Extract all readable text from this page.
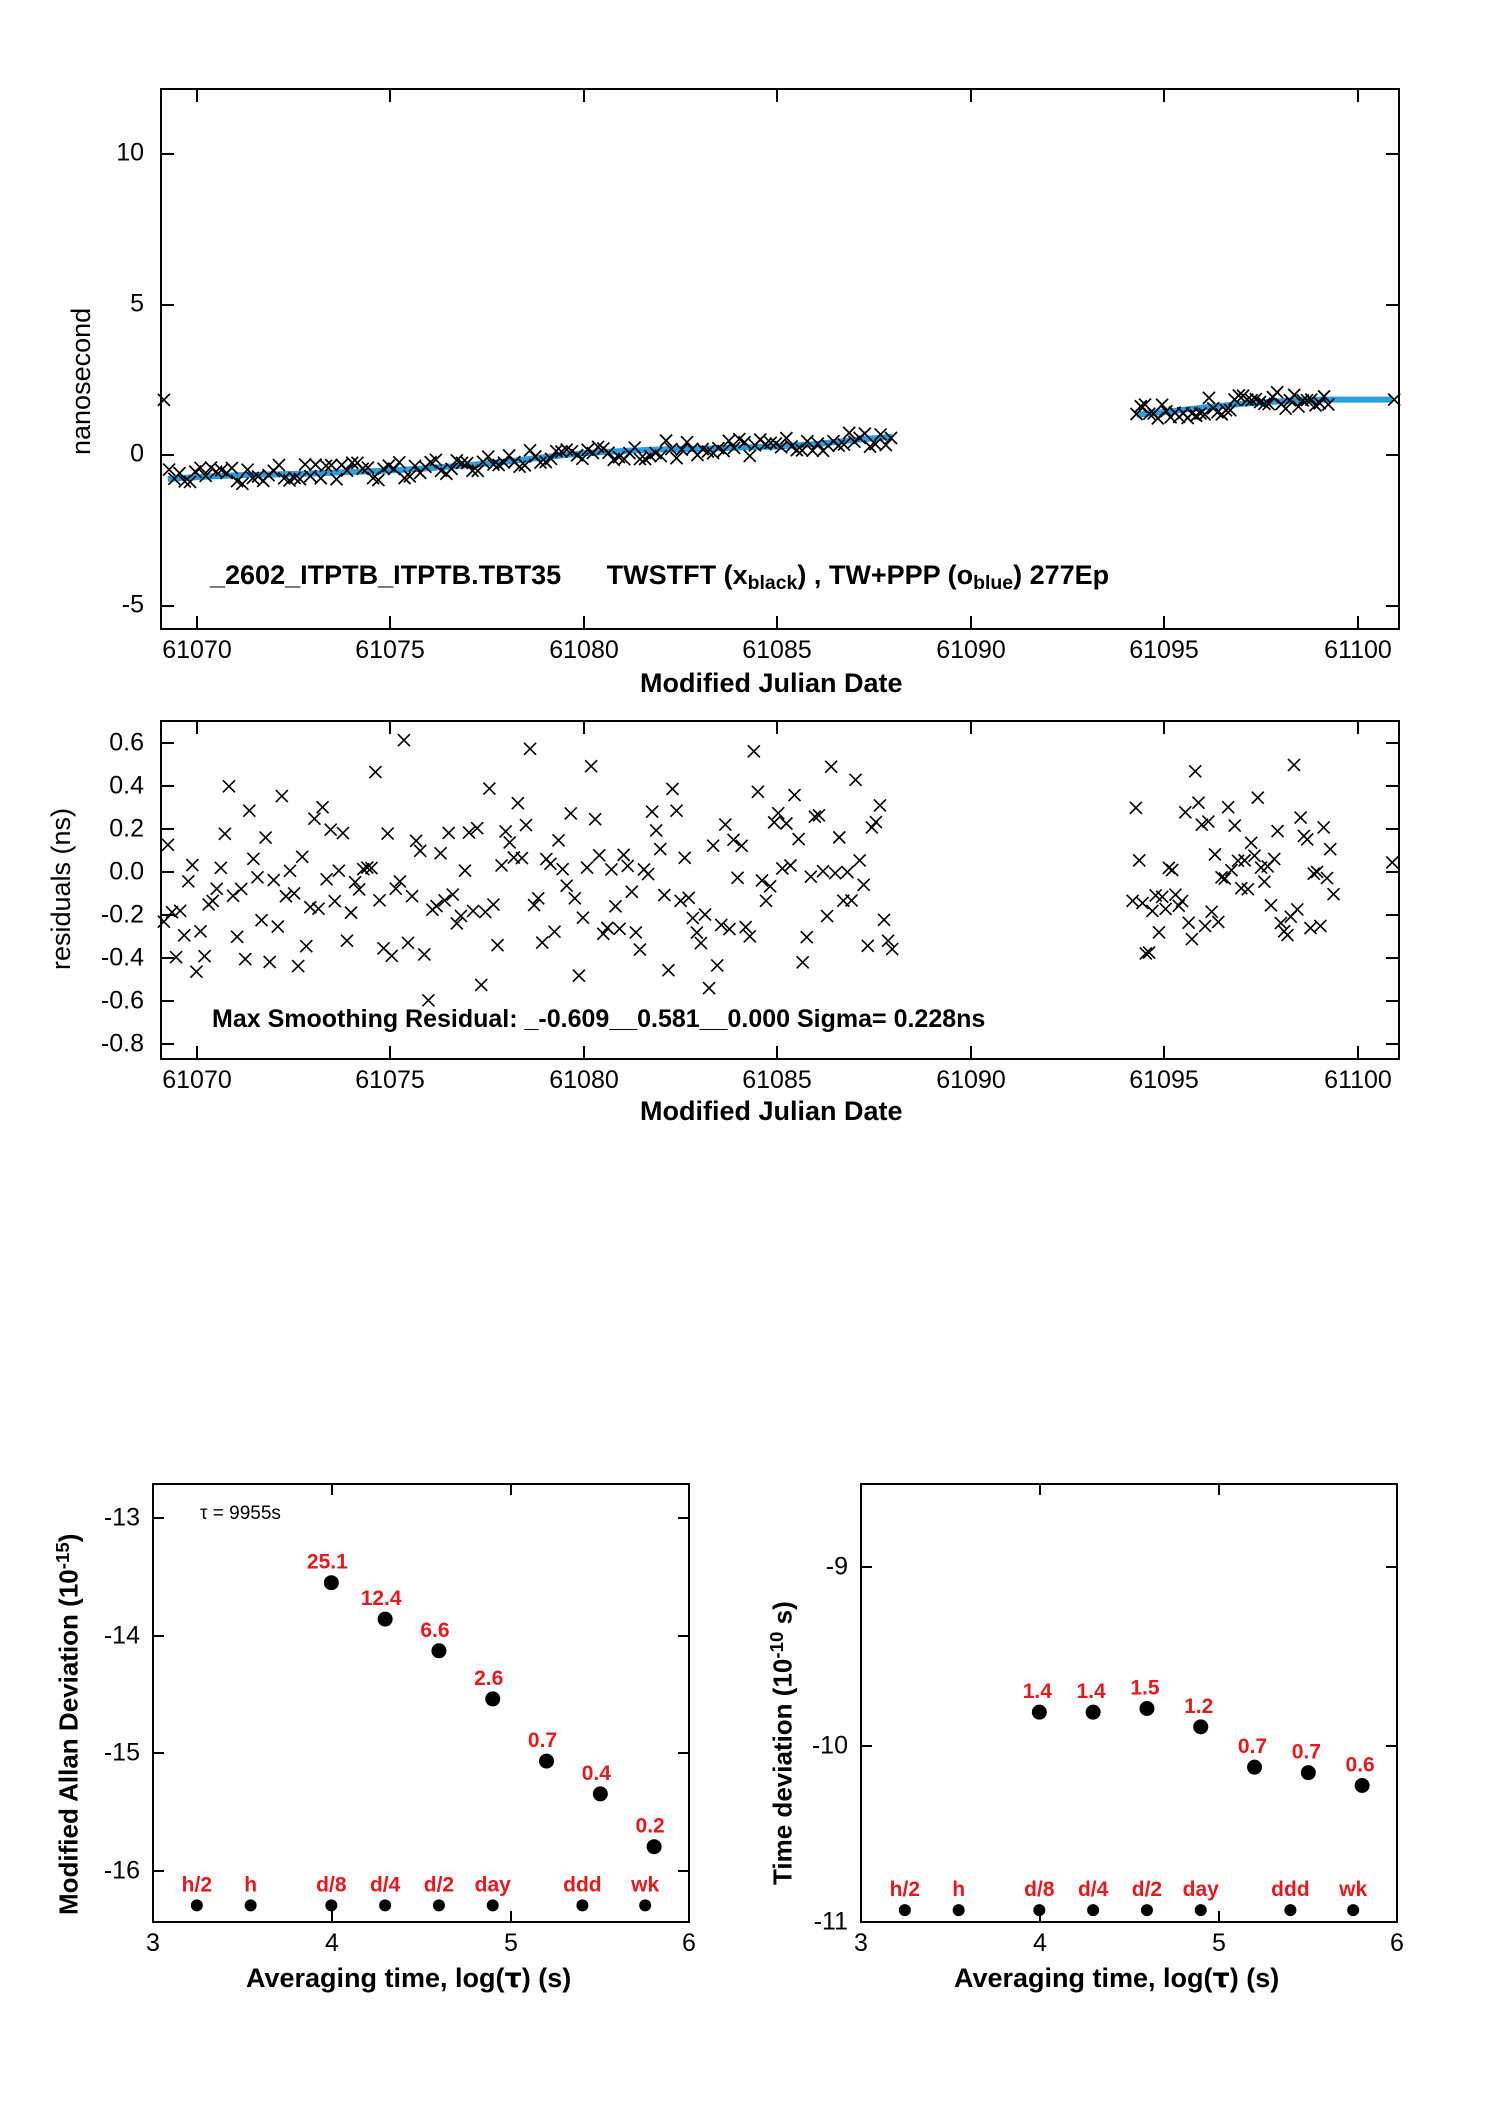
10
5
0
-5
61070	61075	61080	61085	61090	61095	61100
Modified Julian Date
nanosecond
_2602_ITPTB_ITPTB.TBT35 TWSTFT $(x_{black})$ , TW+PPP $(o_{blue})$ 277Ep
0.6
0.4
0.2
0.0
-0.2
-0.4
-0.6
-0.8
61070	61075	61080	61085	61090	61095	61100
Modified Julian Date
residuals (ns)
Max Smoothing Residual: _-0.609__0.581__0.000 Sigma= 0.228ns
-13
-14
-15
-16
3	4	5	6
Averaging time, log(τ) (s)
Modified Allan Deviation $(10^{-15})$
τ = 9955s
25.1
12.4
6.6
2.6
0.7
0.4
0.2
h/2 h	d/8 d/4 d/2 day ddd wk
-9
-10
-11
3	4	5	6
Averaging time, log(τ) (s)
Time deviation ($10^{-10}$ s)
1.4 1.4 1.5
1.2
0.7 0.7
0.6
h/2 h	d/8 d/4 d/2 day ddd wk
